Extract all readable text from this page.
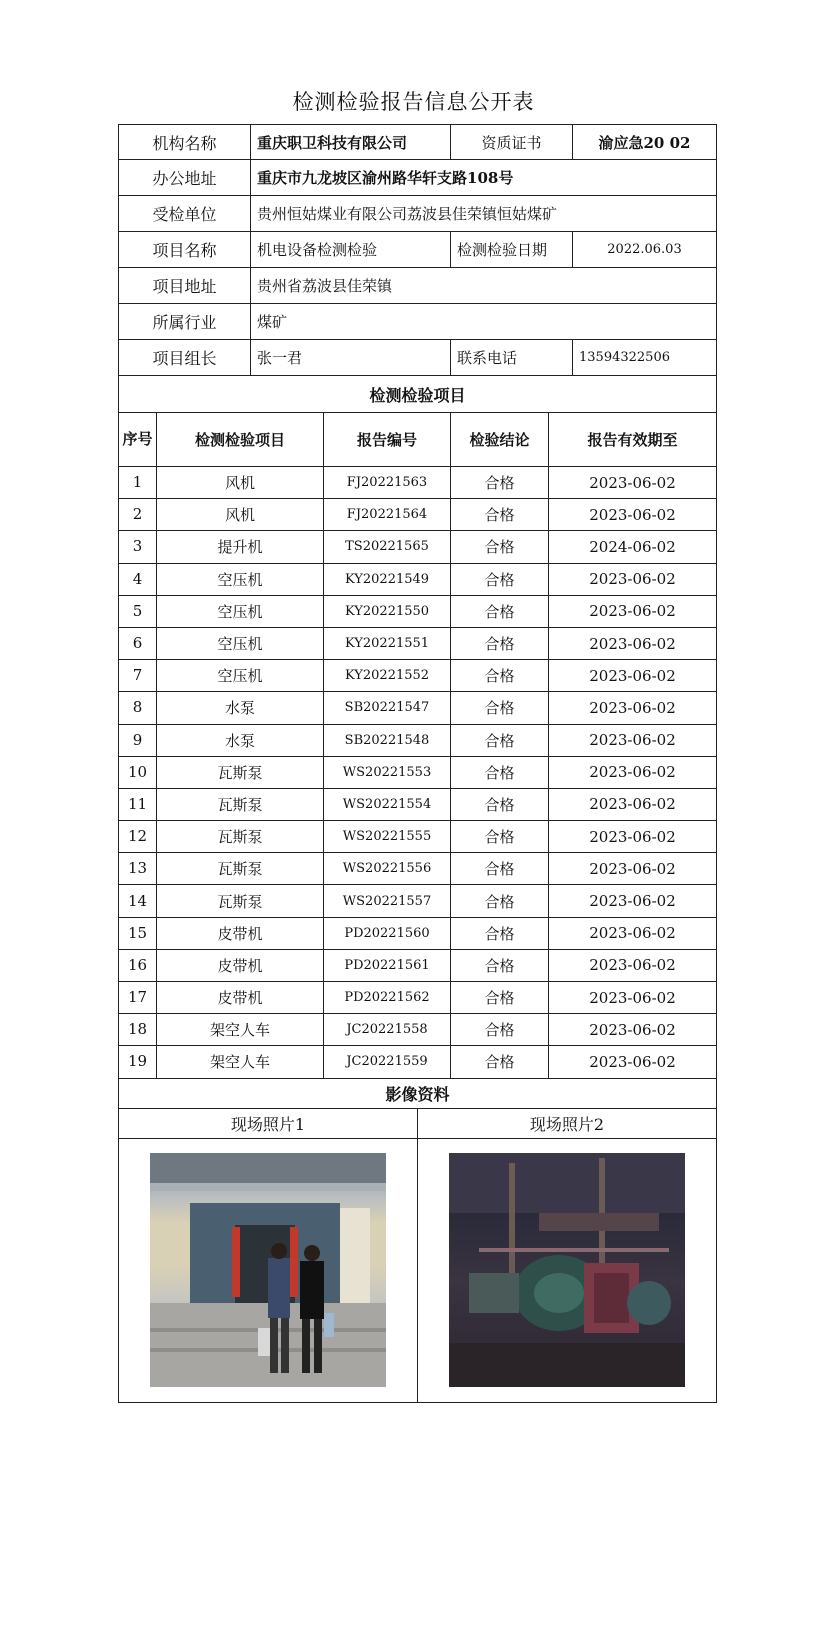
检测检验报告信息公开表
机构名称	重庆职卫科技有限公司	资质证书	渝应急20 02
办公地址	重庆市九龙坡区渝州路华轩支路108号
受检单位	贵州恒姑煤业有限公司荔波县佳荣镇恒姑煤矿
项目名称	机电设备检测检验	检测检验日期	2022.06.03
项目地址	贵州省荔波县佳荣镇
所属行业	煤矿
项目组长	张一君	联系电话	13594322506
检测检验项目
序号	检测检验项目	报告编号	检验结论	报告有效期至
1	风机	FJ20221563	合格	2023-06-02
2	风机	FJ20221564	合格	2023-06-02
3	提升机	TS20221565	合格	2024-06-02
4	空压机	KY20221549	合格	2023-06-02
5	空压机	KY20221550	合格	2023-06-02
6	空压机	KY20221551	合格	2023-06-02
7	空压机	KY20221552	合格	2023-06-02
8	水泵	SB20221547	合格	2023-06-02
9	水泵	SB20221548	合格	2023-06-02
10	瓦斯泵	WS20221553	合格	2023-06-02
11	瓦斯泵	WS20221554	合格	2023-06-02
12	瓦斯泵	WS20221555	合格	2023-06-02
13	瓦斯泵	WS20221556	合格	2023-06-02
14	瓦斯泵	WS20221557	合格	2023-06-02
15	皮带机	PD20221560	合格	2023-06-02
16	皮带机	PD20221561	合格	2023-06-02
17	皮带机	PD20221562	合格	2023-06-02
18	架空人车	JC20221558	合格	2023-06-02
19	架空人车	JC20221559	合格	2023-06-02
影像资料
现场照片1	现场照片2
